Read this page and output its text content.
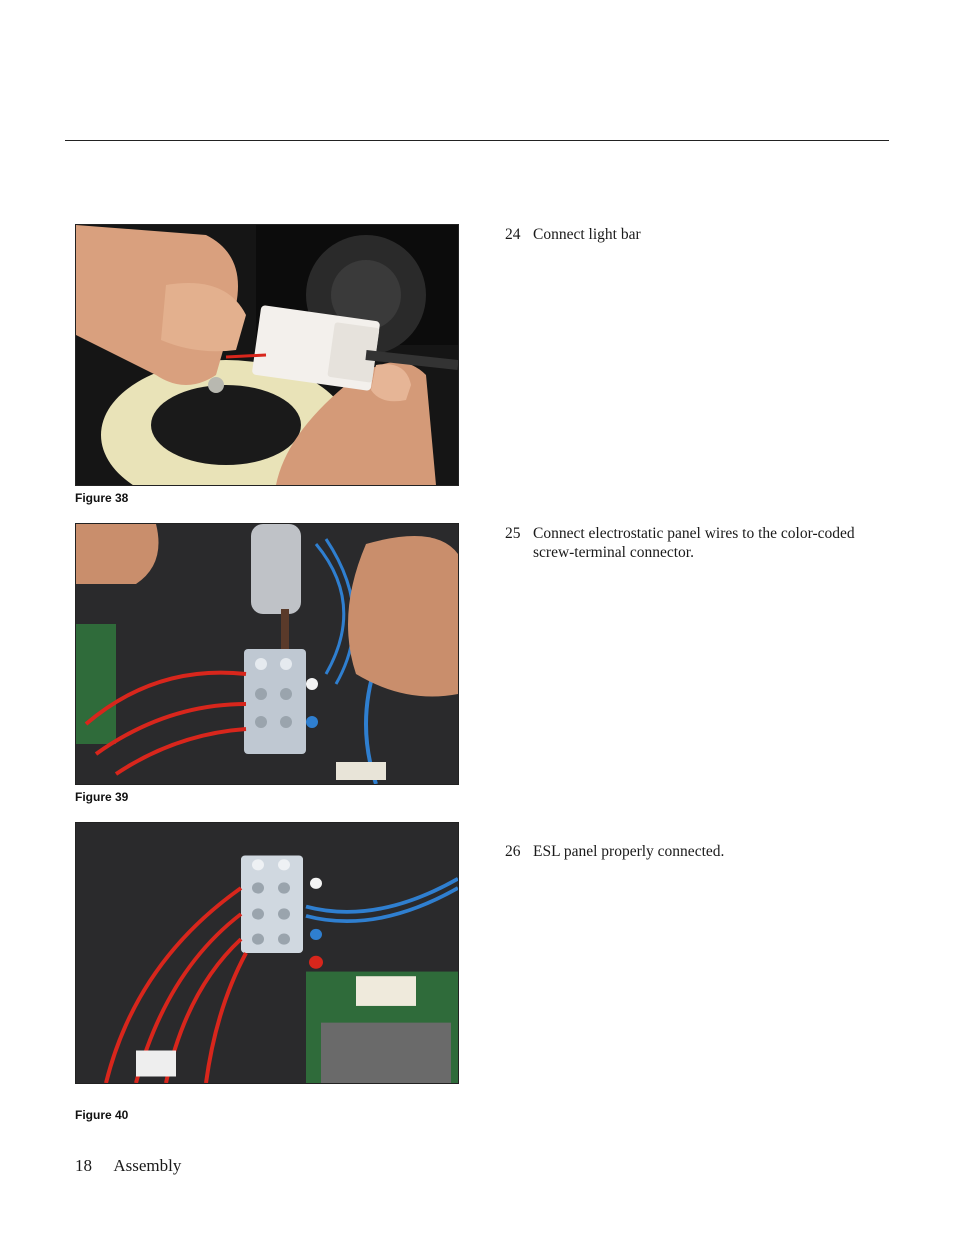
Figure 38
24 Connect light bar
Figure 39
25 Connect electrostatic panel wires to the color-coded screw-terminal connector.
Figure 40
26 ESL panel properly connected.
18 Assembly
